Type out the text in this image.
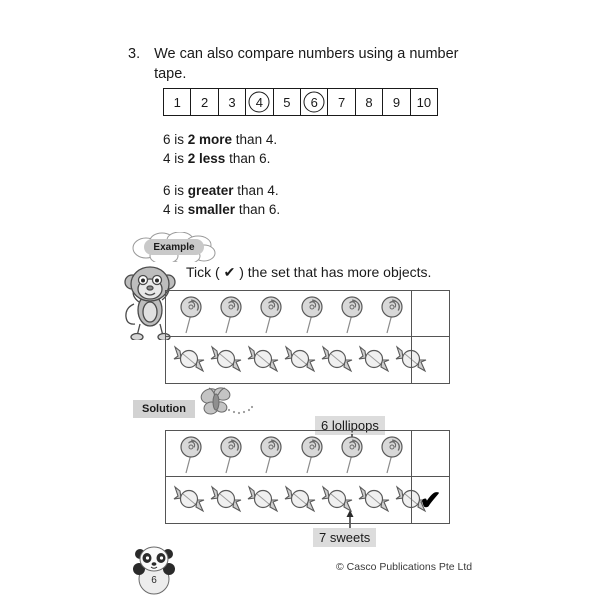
3. We can also compare numbers using a number tape.
1 2 3 4 5 6 7 8 9 10
6 is 2 more than 4.
4 is 2 less than 6.
6 is greater than 4.
4 is smaller than 6.
Example
Tick ( ✔ ) the set that has more objects.
Solution
6 lollipops
7 sweets
✔
6
© Casco Publications Pte Ltd
